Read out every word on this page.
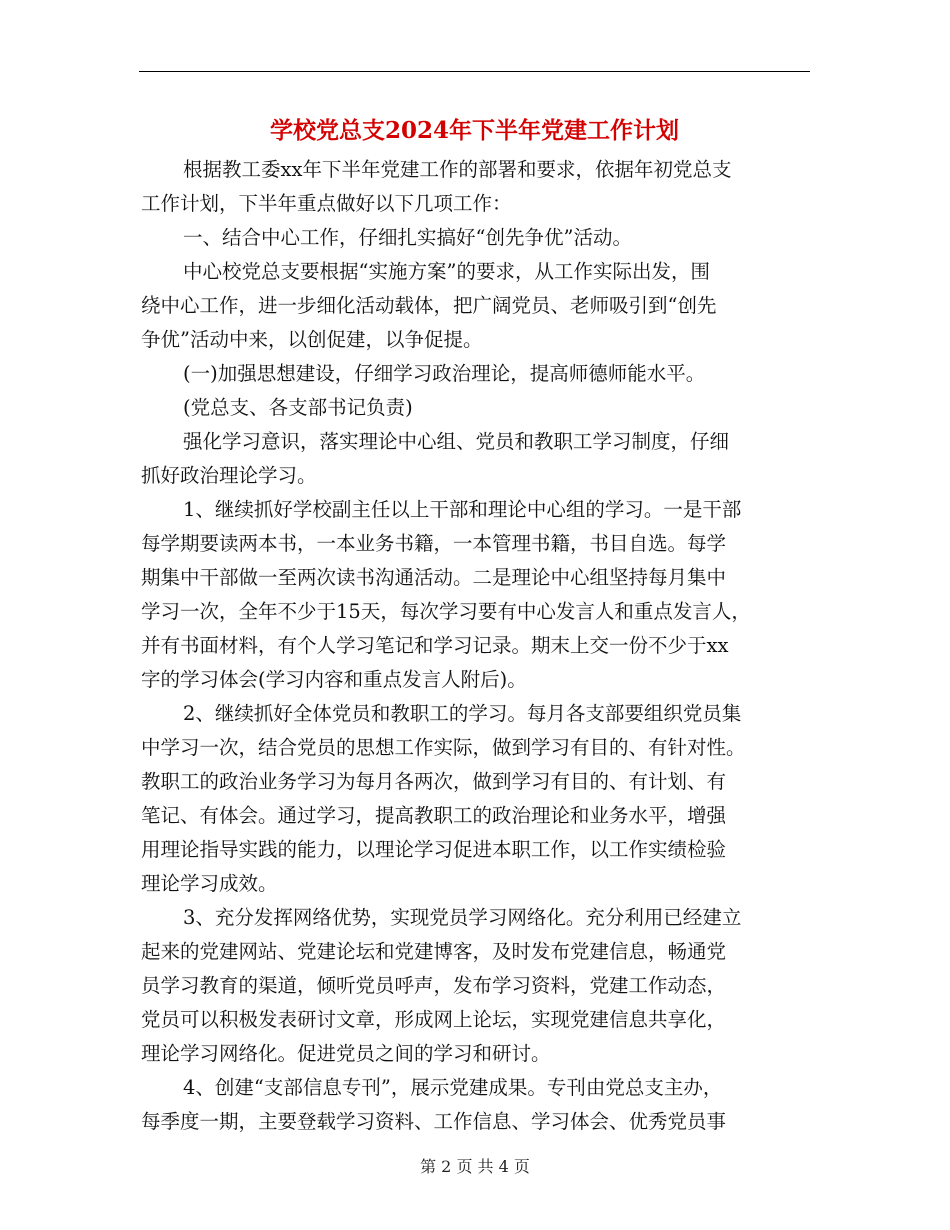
学校党总支2024年下半年党建工作计划
根据教工委xx年下半年党建工作的部署和要求，依据年初党总支
工作计划，下半年重点做好以下几项工作：
一、结合中心工作，仔细扎实搞好“创先争优”活动。
中心校党总支要根据“实施方案”的要求，从工作实际出发，围
绕中心工作，进一步细化活动载体，把广阔党员、老师吸引到“创先
争优”活动中来，以创促建，以争促提。
(一)加强思想建设，仔细学习政治理论，提高师德师能水平。
(党总支、各支部书记负责)
强化学习意识，落实理论中心组、党员和教职工学习制度，仔细
抓好政治理论学习。
1、继续抓好学校副主任以上干部和理论中心组的学习。一是干部
每学期要读两本书，一本业务书籍，一本管理书籍，书目自选。每学
期集中干部做一至两次读书沟通活动。二是理论中心组坚持每月集中
学习一次，全年不少于15天，每次学习要有中心发言人和重点发言人，
并有书面材料，有个人学习笔记和学习记录。期末上交一份不少于xx
字的学习体会(学习内容和重点发言人附后)。
2、继续抓好全体党员和教职工的学习。每月各支部要组织党员集
中学习一次，结合党员的思想工作实际，做到学习有目的、有针对性。
教职工的政治业务学习为每月各两次，做到学习有目的、有计划、有
笔记、有体会。通过学习，提高教职工的政治理论和业务水平，增强
用理论指导实践的能力，以理论学习促进本职工作，以工作实绩检验
理论学习成效。
3、充分发挥网络优势，实现党员学习网络化。充分利用已经建立
起来的党建网站、党建论坛和党建博客，及时发布党建信息，畅通党
员学习教育的渠道，倾听党员呼声，发布学习资料，党建工作动态，
党员可以积极发表研讨文章，形成网上论坛，实现党建信息共享化，
理论学习网络化。促进党员之间的学习和研讨。
4、创建“支部信息专刊”，展示党建成果。专刊由党总支主办，
每季度一期，主要登载学习资料、工作信息、学习体会、优秀党员事
第 2 页 共 4 页
